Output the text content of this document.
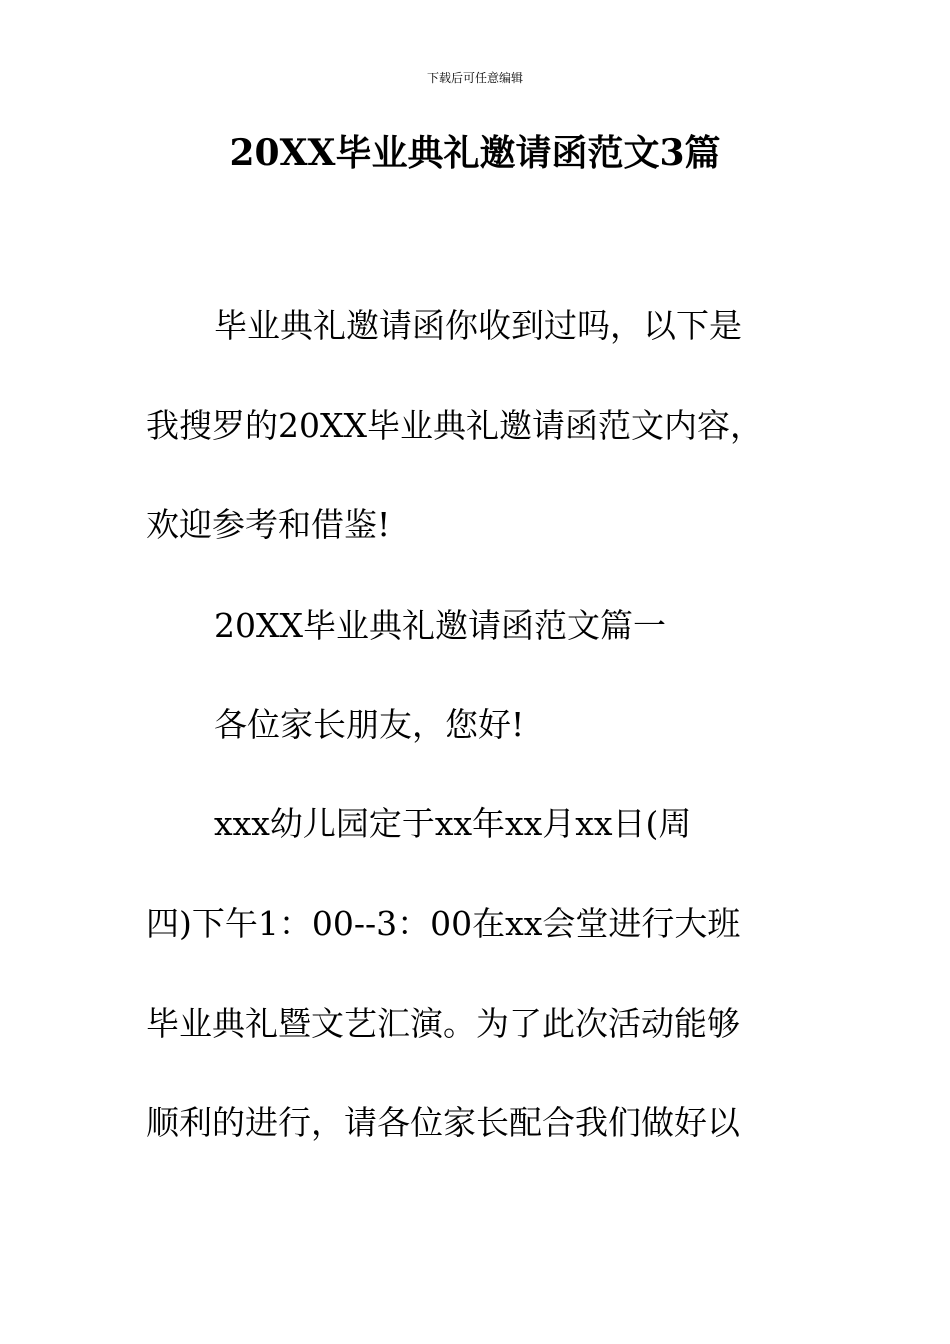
下载后可任意编辑
20XX毕业典礼邀请函范文3篇

毕业典礼邀请函你收到过吗，以下是

我搜罗的20XX毕业典礼邀请函范文内容，

欢迎参考和借鉴!

20XX毕业典礼邀请函范文篇一

各位家长朋友，您好!

xxx幼儿园定于xx年xx月xx日(周

四)下午1：00--3：00在xx会堂进行大班

毕业典礼暨文艺汇演。为了此次活动能够

顺利的进行，请各位家长配合我们做好以
